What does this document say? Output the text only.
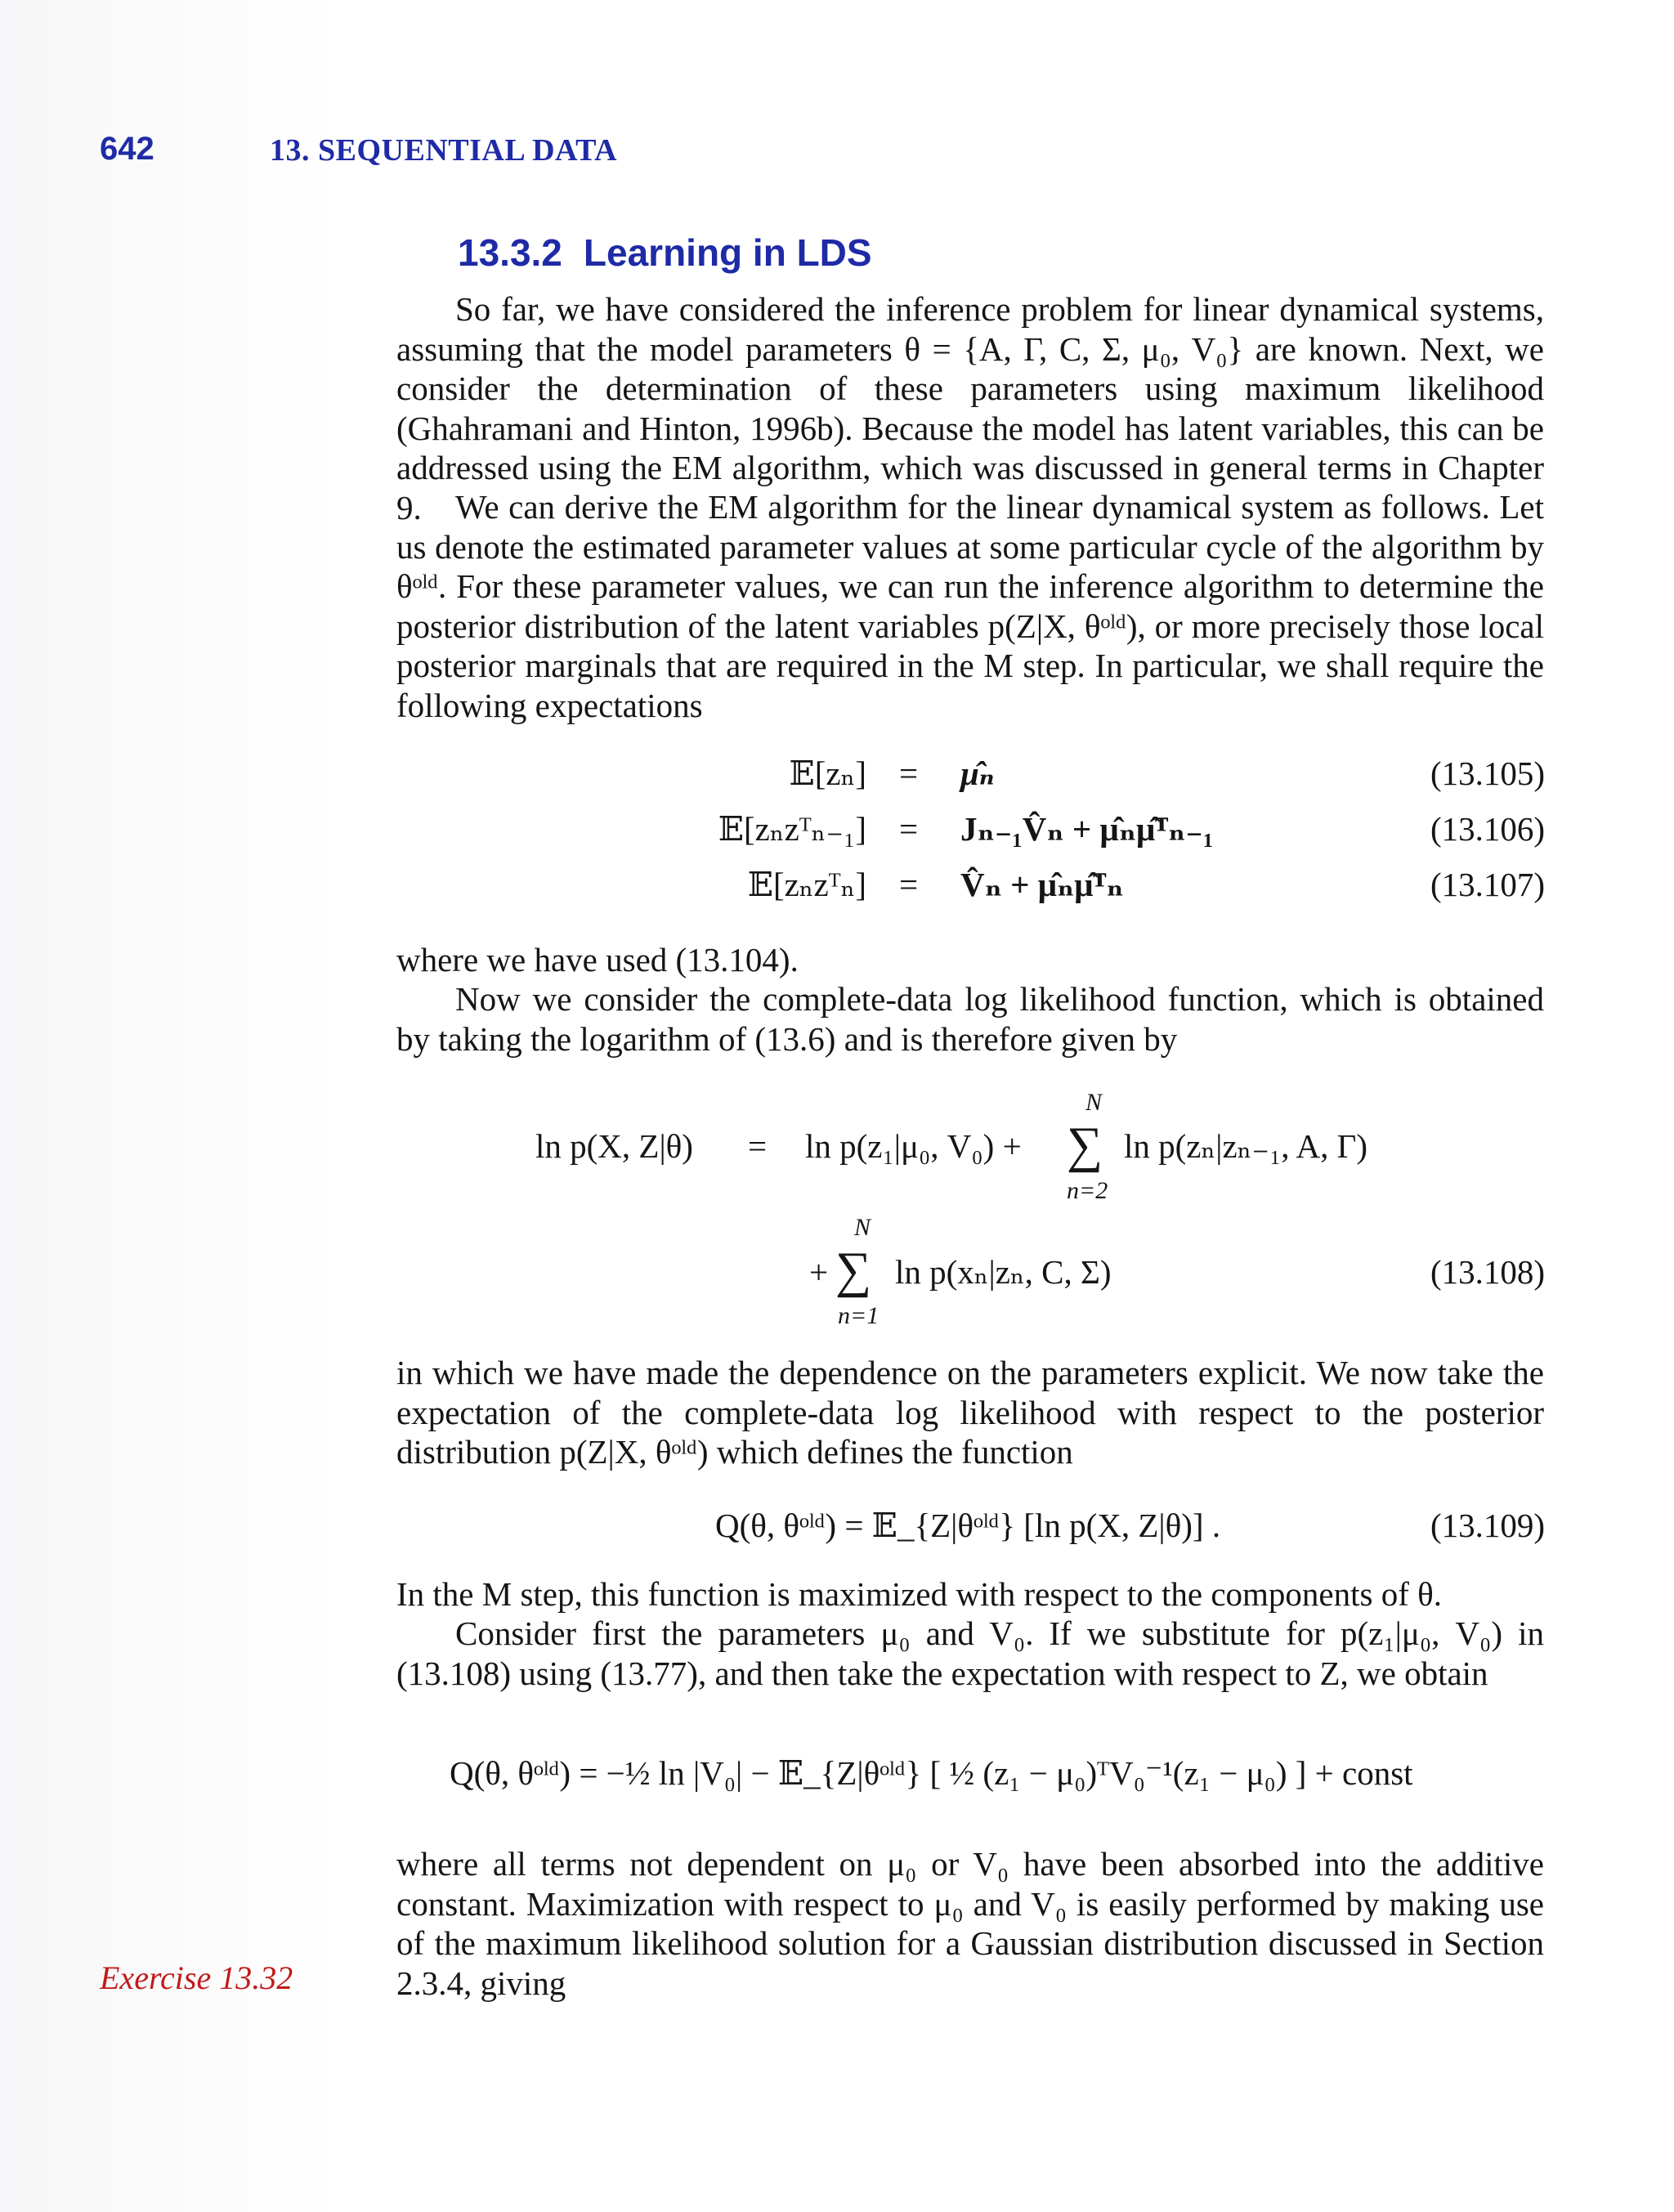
642	13. SEQUENTIAL DATA
13.3.2 Learning in LDS
So far, we have considered the inference problem for linear dynamical systems, assuming that the model parameters θ = {A, Γ, C, Σ, μ₀, V₀} are known. Next, we consider the determination of these parameters using maximum likelihood (Ghahramani and Hinton, 1996b). Because the model has latent variables, this can be addressed using the EM algorithm, which was discussed in general terms in Chapter 9.	We can derive the EM algorithm for the linear dynamical system as follows. Let us denote the estimated parameter values at some particular cycle of the algorithm by θᵒˡᵈ. For these parameter values, we can run the inference algorithm to determine the posterior distribution of the latent variables p(Z|X, θᵒˡᵈ), or more precisely those local posterior marginals that are required in the M step. In particular, we shall require the following expectations
𝔼[zₙ] = μ̂ₙ	(13.105)
𝔼[zₙzᵀₙ₋₁] = Jₙ₋₁V̂ₙ + μ̂ₙμ̂ᵀₙ₋₁	(13.106)
𝔼[zₙzᵀₙ] = V̂ₙ + μ̂ₙμ̂ᵀₙ	(13.107)
where we have used (13.104).
Now we consider the complete-data log likelihood function, which is obtained by taking the logarithm of (13.6) and is therefore given by
ln p(X, Z|θ) = ln p(z₁|μ₀, V₀) +
N
∑
n=2
ln p(zₙ|zₙ₋₁, A, Γ)
+
N
∑
n=1
ln p(xₙ|zₙ, C, Σ)	(13.108)
in which we have made the dependence on the parameters explicit. We now take the expectation of the complete-data log likelihood with respect to the posterior distribution p(Z|X, θᵒˡᵈ) which defines the function
Q(θ, θᵒˡᵈ) = 𝔼_{Z|θᵒˡᵈ} [ln p(X, Z|θ)] .	(13.109)
In the M step, this function is maximized with respect to the components of θ.
Consider first the parameters μ₀ and V₀. If we substitute for p(z₁|μ₀, V₀) in (13.108) using (13.77), and then take the expectation with respect to Z, we obtain
Q(θ, θᵒˡᵈ) = −½ ln |V₀| − 𝔼_{Z|θᵒˡᵈ} [ ½ (z₁ − μ₀)ᵀV₀⁻¹(z₁ − μ₀) ] + const
where all terms not dependent on μ₀ or V₀ have been absorbed into the additive constant. Maximization with respect to μ₀ and V₀ is easily performed by making use of the maximum likelihood solution for a Gaussian distribution discussed in Section 2.3.4, giving
Exercise 13.32
